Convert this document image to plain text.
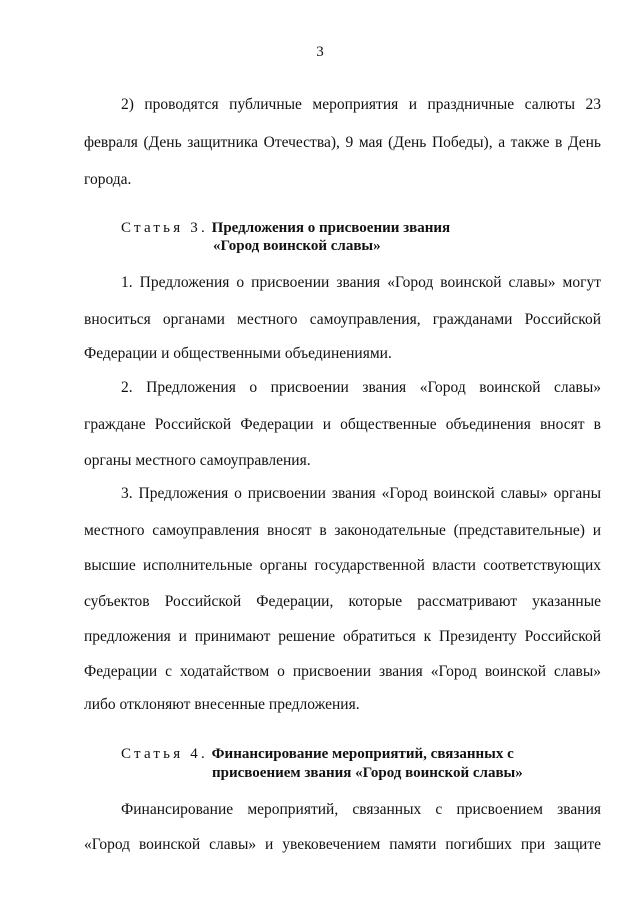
3
2) проводятся публичные мероприятия и праздничные салюты 23
февраля (День защитника Отечества), 9 мая (День Победы), а также в День
города.
Статья 3. Предложения о присвоении звания
«Город воинской славы»
1. Предложения о присвоении звания «Город воинской славы» могут
вноситься органами местного самоуправления, гражданами Российской
Федерации и общественными объединениями.
2. Предложения о присвоении звания «Город воинской славы»
граждане Российской Федерации и общественные объединения вносят в
органы местного самоуправления.
3. Предложения о присвоении звания «Город воинской славы» органы
местного самоуправления вносят в законодательные (представительные) и
высшие исполнительные органы государственной власти соответствующих
субъектов Российской Федерации, которые рассматривают указанные
предложения и принимают решение обратиться к Президенту Российской
Федерации с ходатайством о присвоении звания «Город воинской славы»
либо отклоняют внесенные предложения.
Статья 4. Финансирование мероприятий, связанных с
присвоением звания «Город воинской славы»
Финансирование мероприятий, связанных с присвоением звания
«Город воинской славы» и увековечением памяти погибших при защите
